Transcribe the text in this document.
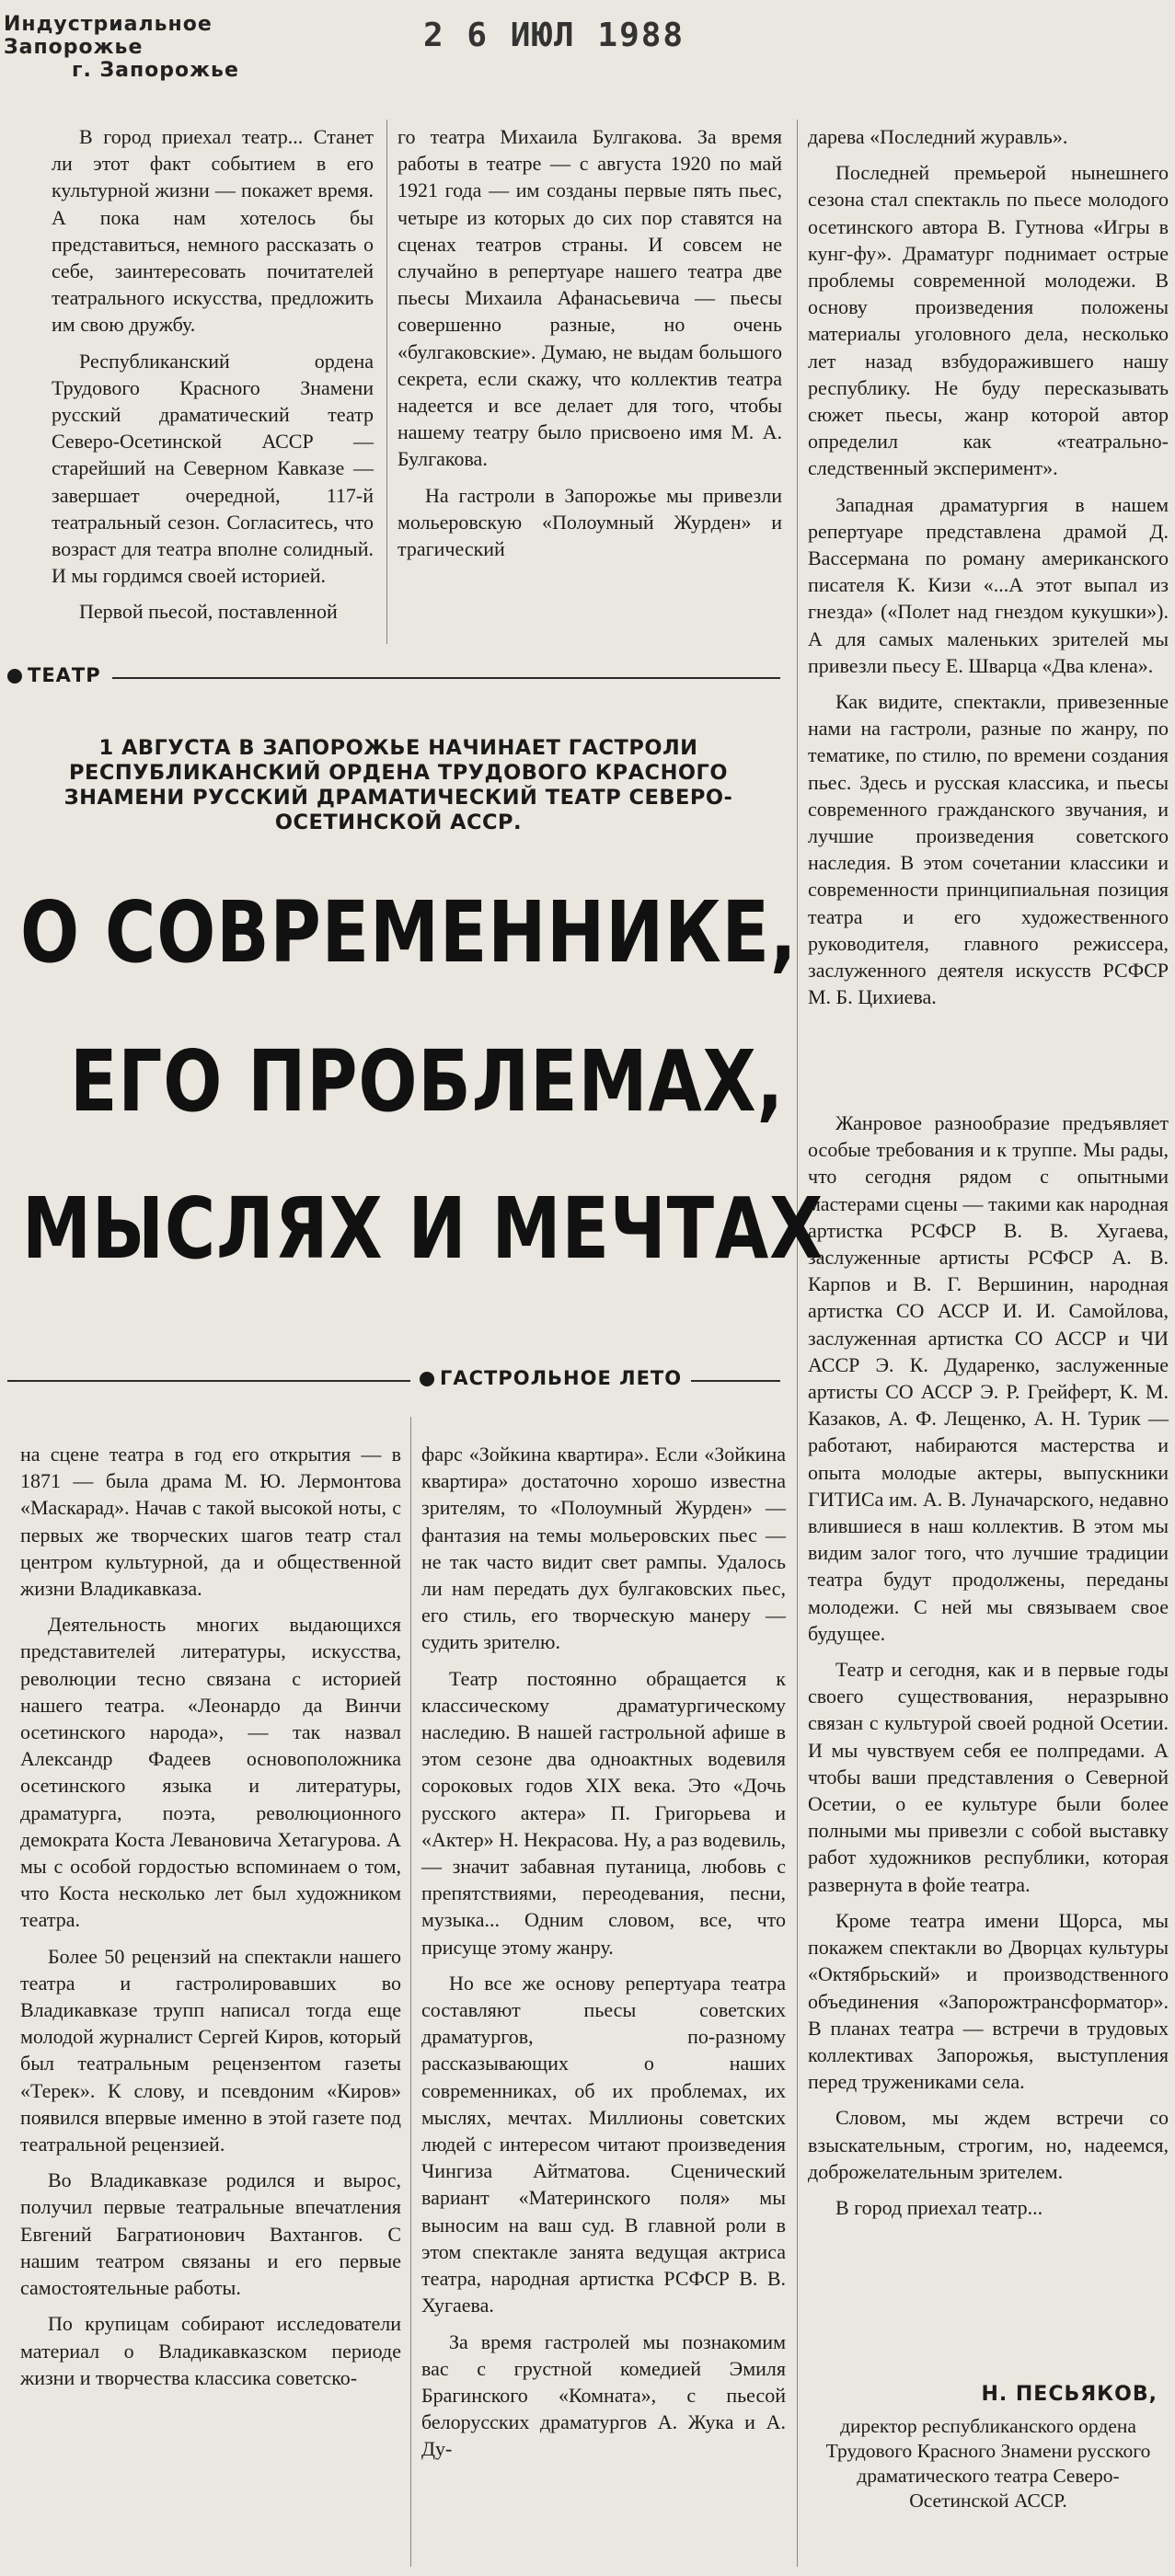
Индустриальное Запорожье
г. Запорожье
2 6 ИЮЛ 1988

В город приехал театр... Станет ли этот факт событием в его культурной жизни — покажет время. А пока нам хотелось бы представиться, немного рассказать о себе, заинтересовать почитателей театрального искусства, предложить им свою дружбу.

Республиканский ордена Трудового Красного Знамени русский драматический театр Северо-Осетинской АССР — старейший на Северном Кавказе — завершает очередной, 117-й театральный сезон. Согласитесь, что возраст для театра вполне солидный. И мы гордимся своей историей.

Первой пьесой, поставленной

го театра Михаила Булгакова. За время работы в театре — с августа 1920 по май 1921 года — им созданы первые пять пьес, четыре из которых до сих пор ставятся на сценах театров страны. И совсем не случайно в репертуаре нашего театра две пьесы Михаила Афанасьевича — пьесы совершенно разные, но очень «булгаковские». Думаю, не выдам большого секрета, если скажу, что коллектив театра надеется и все делает для того, чтобы нашему театру было присвоено имя М. А. Булгакова.

На гастроли в Запорожье мы привезли мольеровскую «Полоумный Журден» и трагический

дарева «Последний журавль».

Последней премьерой нынешнего сезона стал спектакль по пьесе молодого осетинского автора В. Гутнова «Игры в кунг-фу». Драматург поднимает острые проблемы современной молодежи. В основу произведения положены материалы уголовного дела, несколько лет назад взбудоражившего нашу республику. Не буду пересказывать сюжет пьесы, жанр которой автор определил как «театрально-следственный эксперимент».

Западная драматургия в нашем репертуаре представлена драмой Д. Вассермана по роману американского писателя К. Кизи «...А этот выпал из гнезда» («Полет над гнездом кукушки»). А для самых маленьких зрителей мы привезли пьесу Е. Шварца «Два клена».

Как видите, спектакли, привезенные нами на гастроли, разные по жанру, по тематике, по стилю, по времени создания пьес. Здесь и русская классика, и пьесы современного гражданского звучания, и лучшие произведения советского наследия. В этом сочетании классики и современности принципиальная позиция театра и его художественного руководителя, главного режиссера, заслуженного деятеля искусств РСФСР М. Б. Цихиева.

Жанровое разнообразие предъявляет особые требования и к труппе. Мы рады, что сегодня рядом с опытными мастерами сцены — такими как народная артистка РСФСР В. В. Хугаева, заслуженные артисты РСФСР А. В. Карпов и В. Г. Вершинин, народная артистка СО АССР И. И. Самойлова, заслуженная артистка СО АССР и ЧИ АССР Э. К. Дударенко, заслуженные артисты СО АССР Э. Р. Грейферт, К. М. Казаков, А. Ф. Лещенко, А. Н. Турик — работают, набираются мастерства и опыта молодые актеры, выпускники ГИТИСа им. А. В. Луначарского, недавно влившиеся в наш коллектив. В этом мы видим залог того, что лучшие традиции театра будут продолжены, переданы молодежи. С ней мы связываем свое будущее.

Театр и сегодня, как и в первые годы своего существования, неразрывно связан с культурой своей родной Осетии. И мы чувствуем себя ее полпредами. А чтобы ваши представления о Северной Осетии, о ее культуре были более полными мы привезли с собой выставку работ художников республики, которая развернута в фойе театра.

Кроме театра имени Щорса, мы покажем спектакли во Дворцах культуры «Октябрьский» и производственного объединения «Запорожтрансформатор». В планах театра — встречи в трудовых коллективах Запорожья, выступления перед тружениками села.

Словом, мы ждем встречи со взыскательным, строгим, но, надеемся, доброжелательным зрителем.

В город приехал театр...

Н. ПЕСЬЯКОВ,
директор республиканского ордена Трудового Красного Знамени русского драматического театра Северо-Осетинской АССР.
ТЕАТР
1 АВГУСТА В ЗАПОРОЖЬЕ НАЧИНАЕТ ГАСТРОЛИ РЕСПУБЛИКАНСКИЙ ОРДЕНА ТРУДОВОГО КРАСНОГО ЗНАМЕНИ РУССКИЙ ДРАМАТИЧЕСКИЙ ТЕАТР СЕВЕРО-ОСЕТИНСКОЙ АССР.
О СОВРЕМЕННИКЕ,
ЕГО ПРОБЛЕМАХ,
МЫСЛЯХ И МЕЧТАХ
ГАСТРОЛЬНОЕ ЛЕТО

на сцене театра в год его открытия — в 1871 — была драма М. Ю. Лермонтова «Маскарад». Начав с такой высокой ноты, с первых же творческих шагов театр стал центром культурной, да и общественной жизни Владикавказа.

Деятельность многих выдающихся представителей литературы, искусства, революции тесно связана с историей нашего театра. «Леонардо да Винчи осетинского народа», — так назвал Александр Фадеев основоположника осетинского языка и литературы, драматурга, поэта, революционного демократа Коста Левановича Хетагурова. А мы с особой гордостью вспоминаем о том, что Коста несколько лет был художником театра.

Более 50 рецензий на спектакли нашего театра и гастролировавших во Владикавказе трупп написал тогда еще молодой журналист Сергей Киров, который был театральным рецензентом газеты «Терек». К слову, и псевдоним «Киров» появился впервые именно в этой газете под театральной рецензией.

Во Владикавказе родился и вырос, получил первые театральные впечатления Евгений Багратионович Вахтангов. С нашим театром связаны и его первые самостоятельные работы.

По крупицам собирают исследователи материал о Владикавказском периоде жизни и творчества классика советско-

фарс «Зойкина квартира». Если «Зойкина квартира» достаточно хорошо известна зрителям, то «Полоумный Журден» — фантазия на темы мольеровских пьес — не так часто видит свет рампы. Удалось ли нам передать дух булгаковских пьес, его стиль, его творческую манеру — судить зрителю.

Театр постоянно обращается к классическому драматургическому наследию. В нашей гастрольной афише в этом сезоне два одноактных водевиля сороковых годов XIX века. Это «Дочь русского актера» П. Григорьева и «Актер» Н. Некрасова. Ну, а раз водевиль, — значит забавная путаница, любовь с препятствиями, переодевания, песни, музыка... Одним словом, все, что присуще этому жанру.

Но все же основу репертуара театра составляют пьесы советских драматургов, по-разному рассказывающих о наших современниках, об их проблемах, их мыслях, мечтах. Миллионы советских людей с интересом читают произведения Чингиза Айтматова. Сценический вариант «Материнского поля» мы выносим на ваш суд. В главной роли в этом спектакле занята ведущая актриса театра, народная артистка РСФСР В. В. Хугаева.

За время гастролей мы познакомим вас с грустной комедией Эмиля Брагинского «Комната», с пьесой белорусских драматургов А. Жука и А. Ду-
